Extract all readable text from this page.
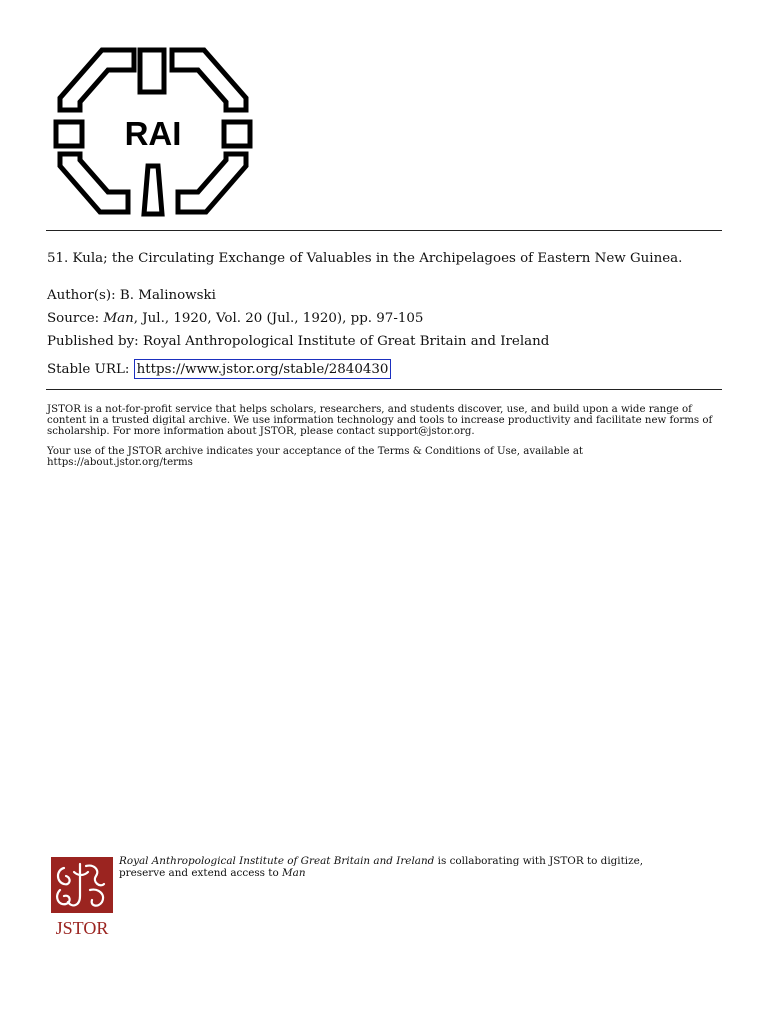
RAI
51. Kula; the Circulating Exchange of Valuables in the Archipelagoes of Eastern New Guinea.
Author(s): B. Malinowski
Source: Man, Jul., 1920, Vol. 20 (Jul., 1920), pp. 97-105
Published by: Royal Anthropological Institute of Great Britain and Ireland
Stable URL: https://www.jstor.org/stable/2840430
JSTOR is a not-for-profit service that helps scholars, researchers, and students discover, use, and build upon a wide range of content in a trusted digital archive. We use information technology and tools to increase productivity and facilitate new forms of scholarship. For more information about JSTOR, please contact support@jstor.org.
Your use of the JSTOR archive indicates your acceptance of the Terms & Conditions of Use, available at https://about.jstor.org/terms
JSTOR
Royal Anthropological Institute of Great Britain and Ireland is collaborating with JSTOR to digitize, preserve and extend access to Man
